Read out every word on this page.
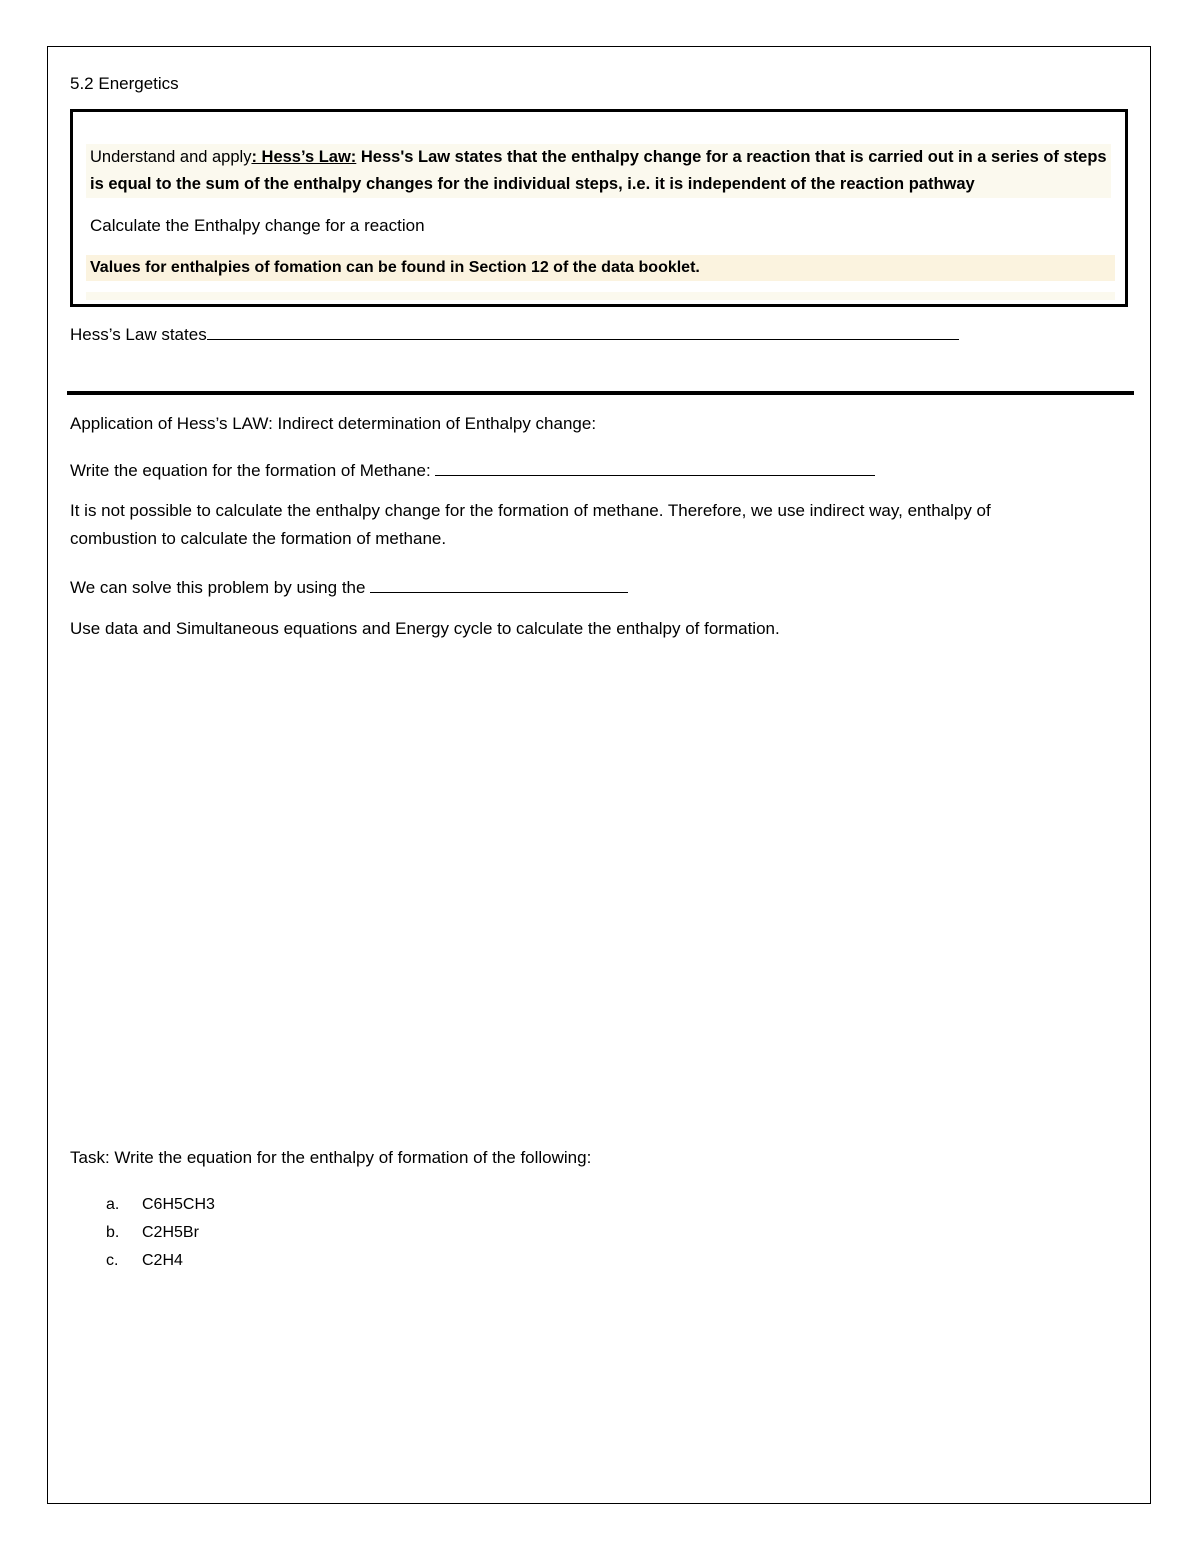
5.2 Energetics
Understand and apply: Hess’s Law: Hess's Law states that the enthalpy change for a reaction that is carried out in a series of steps is equal to the sum of the enthalpy changes for the individual steps, i.e. it is independent of the reaction pathway
Calculate the Enthalpy change for a reaction
Values for enthalpies of fomation can be found in Section 12 of the data booklet.
Hess’s Law states
Application of Hess’s LAW: Indirect determination of Enthalpy change:
Write the equation for the formation of Methane:
It is not possible to calculate the enthalpy change for the formation of methane. Therefore, we use indirect way, enthalpy of combustion to calculate the formation of methane.
We can solve this problem by using the
Use data and Simultaneous equations and Energy cycle to calculate the enthalpy of formation.
Task: Write the equation for the enthalpy of formation of the following:
a. C6H5CH3
b. C2H5Br
c. C2H4
